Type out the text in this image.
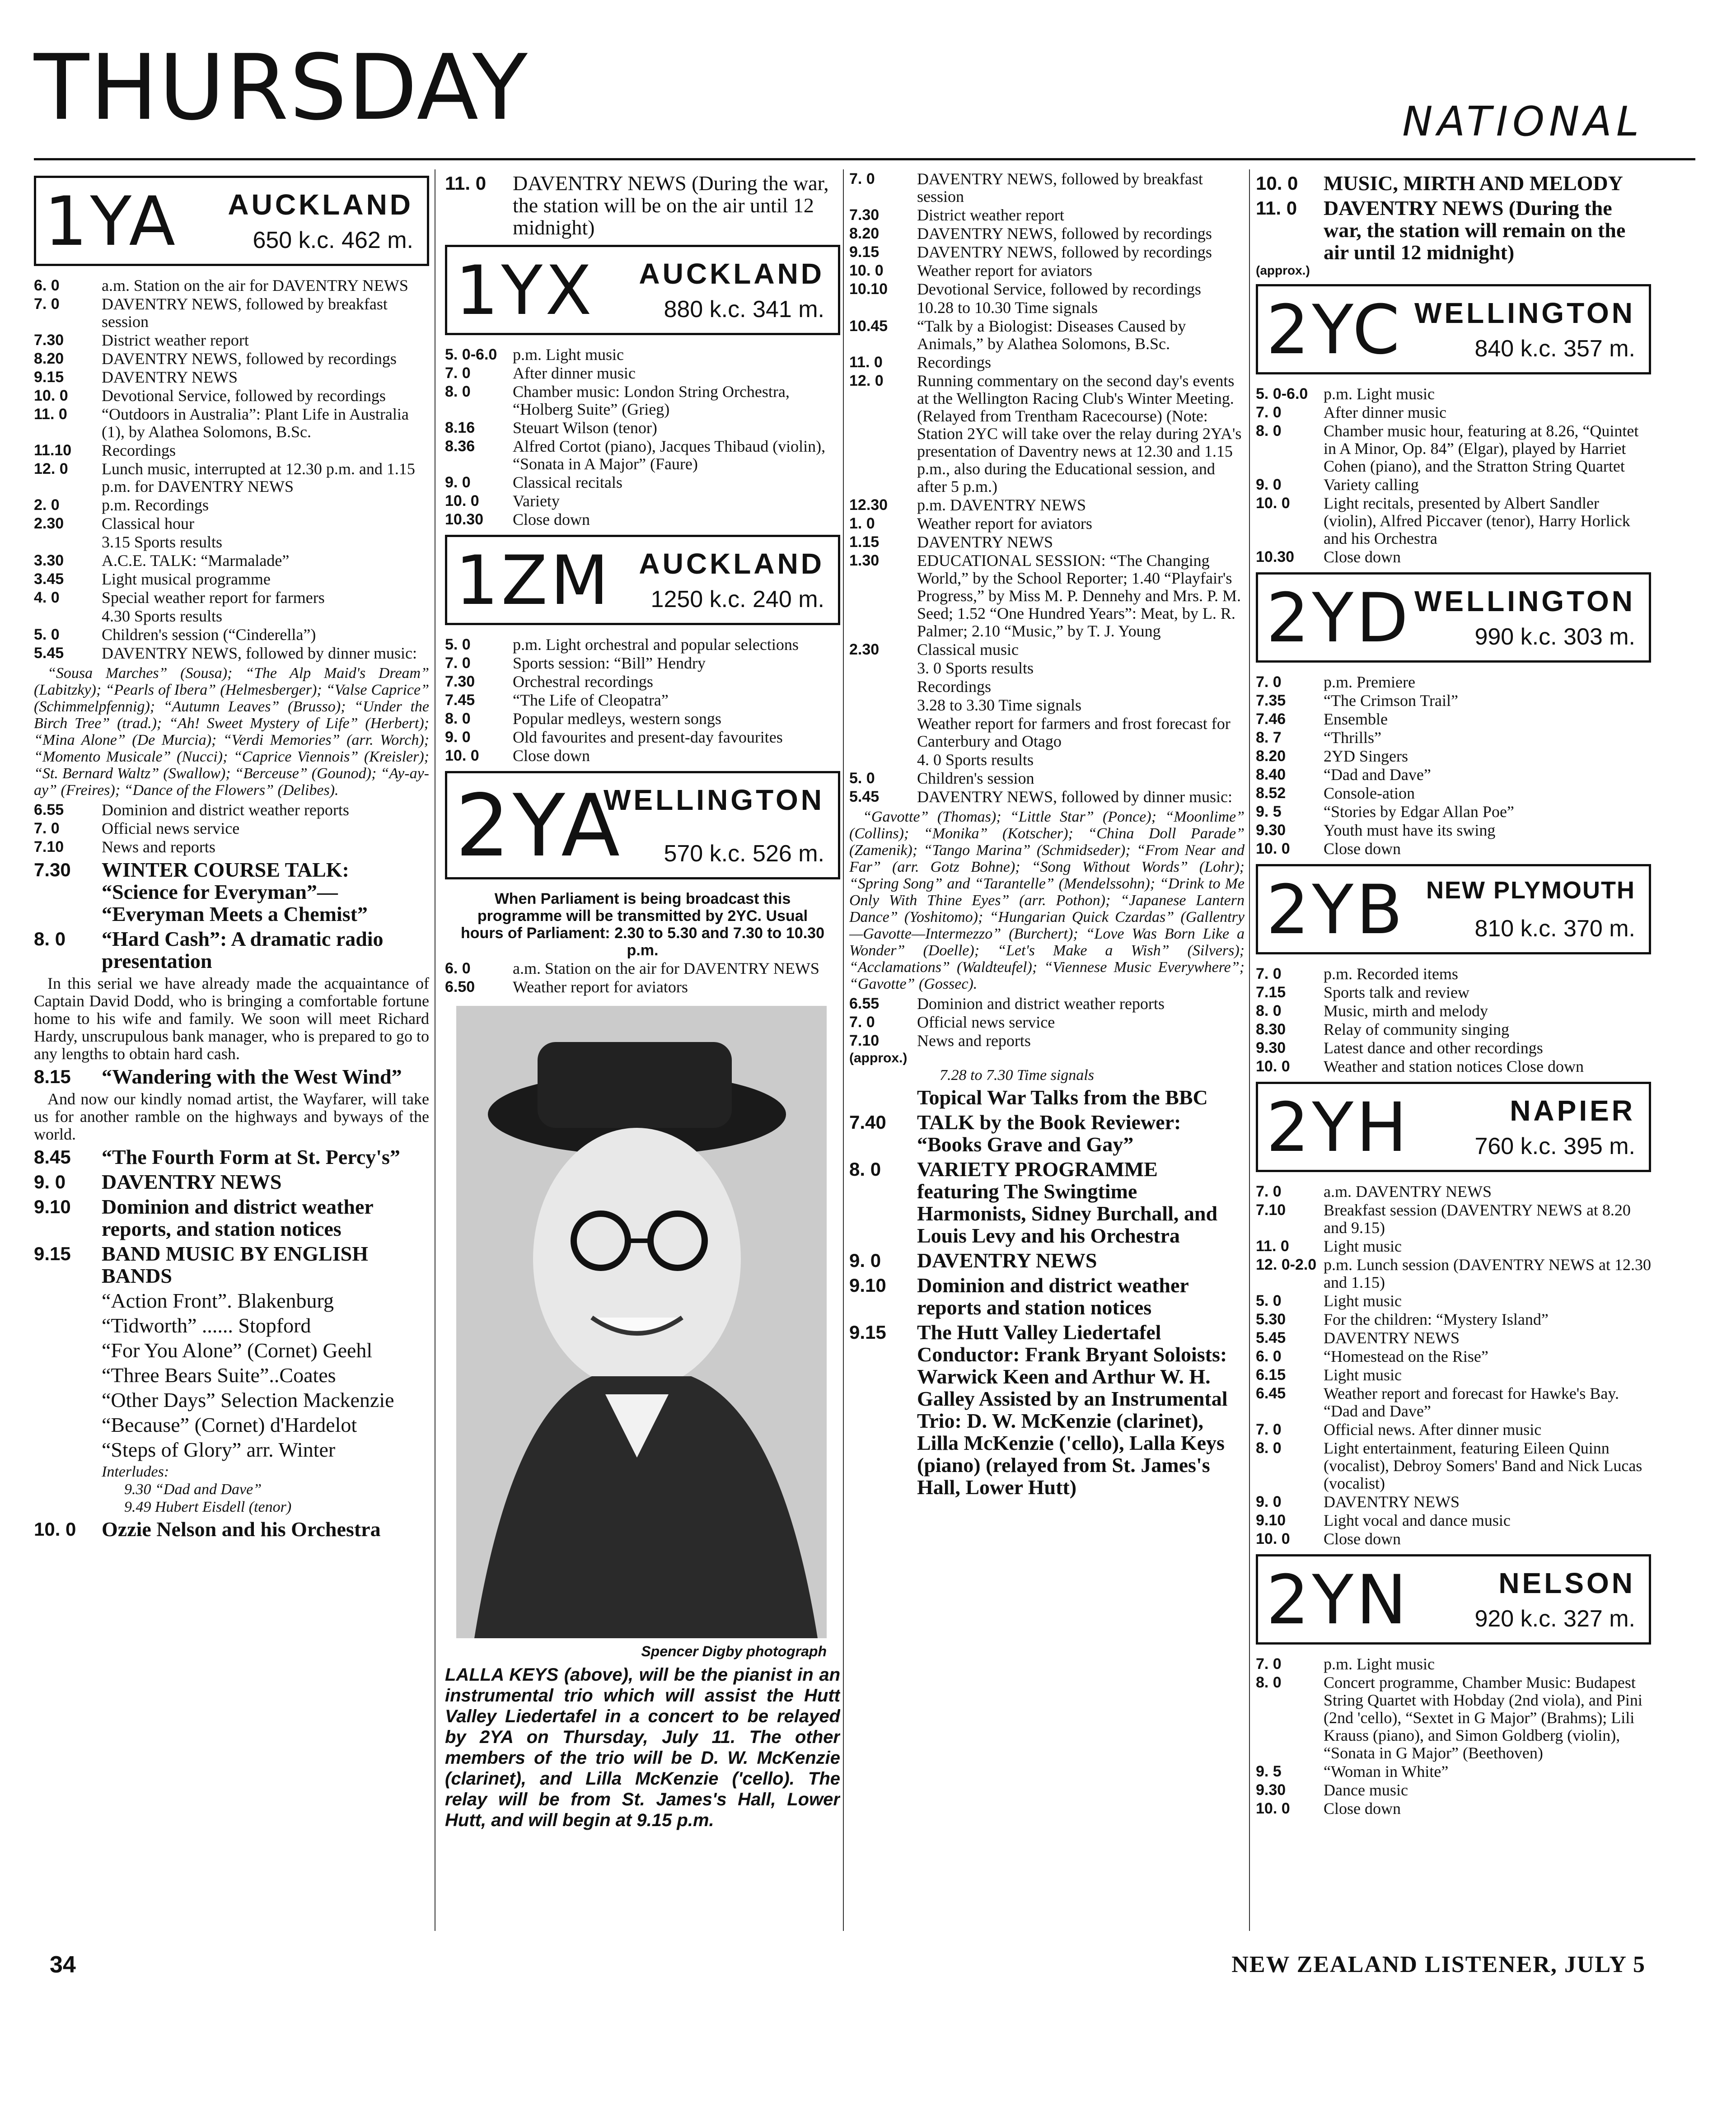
THURSDAY	NATIONAL
1YA AUCKLAND
650 k.c. 462 m.
6. 0	a.m. Station on the air for DAVENTRY NEWS
7. 0	DAVENTRY NEWS, followed by breakfast session
7.30	District weather report
8.20	DAVENTRY NEWS, followed by recordings
9.15	DAVENTRY NEWS
10. 0	Devotional Service, followed by recordings
11. 0	“Outdoors in Australia”: Plant Life in Australia (1), by Alathea Solomons, B.Sc.
11.10	Recordings
12. 0	Lunch music, interrupted at 12.30 p.m. and 1.15 p.m. for DAVENTRY NEWS
2. 0	p.m. Recordings
2.30	Classical hour
3.15 Sports results
3.30	A.C.E. TALK: “Marmalade”
3.45	Light musical programme
4. 0	Special weather report for farmers
4.30 Sports results
5. 0	Children's session (“Cinderella”)
5.45	DAVENTRY NEWS, followed by dinner music:
“Sousa Marches” (Sousa); “The Alp Maid's Dream” (Labitzky); “Pearls of Ibera” (Helmesberger); “Valse Caprice” (Schimmelpfennig); “Autumn Leaves” (Brusso); “Under the Birch Tree” (trad.); “Ah! Sweet Mystery of Life” (Herbert); “Mina Alone” (De Murcia); “Verdi Memories” (arr. Worch); “Momento Musicale” (Nucci); “Caprice Viennois” (Kreisler); “St. Bernard Waltz” (Swallow); “Berceuse” (Gounod); “Ay-ay-ay” (Freires); “Dance of the Flowers” (Delibes).
6.55	Dominion and district weather reports
7. 0	Official news service
7.10	News and reports
7.30	WINTER COURSE TALK: “Science for Everyman”— “Everyman Meets a Chemist”
8. 0	“Hard Cash”: A dramatic radio presentation
In this serial we have already made the acquaintance of Captain David Dodd, who is bringing a comfortable fortune home to his wife and family. We soon will meet Richard Hardy, unscrupulous bank manager, who is prepared to go to any lengths to obtain hard cash.
8.15	“Wandering with the West Wind”
And now our kindly nomad artist, the Wayfarer, will take us for another ramble on the highways and byways of the world.
8.45	“The Fourth Form at St. Percy's”
9. 0	DAVENTRY NEWS
9.10	Dominion and district weather reports, and station notices
9.15	BAND MUSIC BY ENGLISH BANDS
“Action Front”. Blakenburg
“Tidworth” ...... Stopford
“For You Alone” (Cornet) Geehl
“Three Bears Suite”..Coates
“Other Days” Selection Mackenzie
“Because” (Cornet) d'Hardelot
“Steps of Glory” arr. Winter
Interludes:
9.30 “Dad and Dave”
9.49 Hubert Eisdell (tenor)
10. 0	Ozzie Nelson and his Orchestra
11. 0	DAVENTRY NEWS (During the war, the station will be on the air until 12 midnight)
1YX AUCKLAND
880 k.c. 341 m.
5. 0-6.0 p.m. Light music
7. 0	After dinner music
8. 0	Chamber music: London String Orchestra, “Holberg Suite” (Grieg)
8.16	Steuart Wilson (tenor)
8.36	Alfred Cortot (piano), Jacques Thibaud (violin), “Sonata in A Major” (Faure)
9. 0	Classical recitals
10. 0	Variety
10.30	Close down
1ZM AUCKLAND
1250 k.c. 240 m.
5. 0	p.m. Light orchestral and popular selections
7. 0	Sports session: “Bill” Hendry
7.30	Orchestral recordings
7.45	“The Life of Cleopatra”
8. 0	Popular medleys, western songs
9. 0	Old favourites and present-day favourites
10. 0	Close down
2YA
WELLINGTON
570 k.c. 526 m.
When Parliament is being broadcast this programme will be transmitted by 2YC. Usual hours of Parliament: 2.30 to 5.30 and 7.30 to 10.30 p.m.
6. 0	a.m. Station on the air for DAVENTRY NEWS
6.50	Weather report for aviators
Spencer Digby photograph
LALLA KEYS (above), will be the pianist in an instrumental trio which will assist the Hutt Valley Liedertafel in a concert to be relayed by 2YA on Thursday, July 11. The other members of the trio will be D. W. McKenzie (clarinet), and Lilla McKenzie ('cello). The relay will be from St. James's Hall, Lower Hutt, and will begin at 9.15 p.m.
7. 0	DAVENTRY NEWS, followed by breakfast session
7.30	District weather report
8.20	DAVENTRY NEWS, followed by recordings
9.15	DAVENTRY NEWS, followed by recordings
10. 0	Weather report for aviators
10.10	Devotional Service, followed by recordings
10.28 to 10.30 Time signals
10.45	“Talk by a Biologist: Diseases Caused by Animals,” by Alathea Solomons, B.Sc.
11. 0	Recordings
12. 0	Running commentary on the second day's events at the Wellington Racing Club's Winter Meeting. (Relayed from Trentham Racecourse) (Note: Station 2YC will take over the relay during 2YA's presentation of Daventry news at 12.30 and 1.15 p.m., also during the Educational session, and after 5 p.m.)
12.30	p.m. DAVENTRY NEWS
1. 0	Weather report for aviators
1.15	DAVENTRY NEWS
1.30	EDUCATIONAL SESSION: “The Changing World,” by the School Reporter; 1.40 “Playfair's Progress,” by Miss M. P. Dennehy and Mrs. P. M. Seed; 1.52 “One Hundred Years”: Meat, by L. R. Palmer; 2.10 “Music,” by T. J. Young
2.30	Classical music
3. 0 Sports results
Recordings
3.28 to 3.30 Time signals
Weather report for farmers and frost forecast for Canterbury and Otago
4. 0 Sports results
5. 0	Children's session
5.45	DAVENTRY NEWS, followed by dinner music:
“Gavotte” (Thomas); “Little Star” (Ponce); “Moonlime” (Collins); “Monika” (Kotscher); “China Doll Parade” (Zamenik); “Tango Marina” (Schmidseder); “From Near and Far” (arr. Gotz Bohne); “Song Without Words” (Lohr); “Spring Song” and “Tarantelle” (Mendelssohn); “Drink to Me Only With Thine Eyes” (arr. Pothon); “Japanese Lantern Dance” (Yoshitomo); “Hungarian Quick Czardas” (Gallentry—Gavotte—Intermezzo” (Burchert); “Love Was Born Like a Wonder” (Doelle); “Let's Make a Wish” (Silvers); “Acclamations” (Waldteufel); “Viennese Music Everywhere”; “Gavotte” (Gossec).
6.55	Dominion and district weather reports
7. 0	Official news service
7.10	News and reports
(approx.)
7.28 to 7.30 Time signals
Topical War Talks from the BBC
7.40	TALK by the Book Reviewer: “Books Grave and Gay”
8. 0	VARIETY PROGRAMME featuring The Swingtime Harmonists, Sidney Burchall, and Louis Levy and his Orchestra
9. 0	DAVENTRY NEWS
9.10	Dominion and district weather reports and station notices
9.15	The Hutt Valley Liedertafel Conductor: Frank Bryant Soloists: Warwick Keen and Arthur W. H. Galley Assisted by an Instrumental Trio: D. W. McKenzie (clarinet), Lilla McKenzie ('cello), Lalla Keys (piano) (relayed from St. James's Hall, Lower Hutt)
10. 0	MUSIC, MIRTH AND MELODY
11. 0	DAVENTRY NEWS (During the war, the station will remain on the air until 12 midnight)
(approx.)
2YC WELLINGTON
840 k.c. 357 m.
5. 0-6.0 p.m. Light music
7. 0	After dinner music
8. 0	Chamber music hour, featuring at 8.26, “Quintet in A Minor, Op. 84” (Elgar), played by Harriet Cohen (piano), and the Stratton String Quartet
9. 0	Variety calling
10. 0	Light recitals, presented by Albert Sandler (violin), Alfred Piccaver (tenor), Harry Horlick and his Orchestra
10.30	Close down
2YD WELLINGTON
990 k.c. 303 m.
7. 0	p.m. Premiere
7.35	“The Crimson Trail”
7.46	Ensemble
8. 7	“Thrills”
8.20	2YD Singers
8.40	“Dad and Dave”
8.52	Console-ation
9. 5	“Stories by Edgar Allan Poe”
9.30	Youth must have its swing
10. 0	Close down
2YB NEW PLYMOUTH
810 k.c. 370 m.
7. 0	p.m. Recorded items
7.15	Sports talk and review
8. 0	Music, mirth and melody
8.30	Relay of community singing
9.30	Latest dance and other recordings
10. 0	Weather and station notices Close down
2YH	NAPIER
760 k.c. 395 m.
7. 0	a.m. DAVENTRY NEWS
7.10	Breakfast session (DAVENTRY NEWS at 8.20 and 9.15)
11. 0	Light music
12. 0-2.0 p.m. Lunch session (DAVENTRY NEWS at 12.30 and 1.15)
5. 0	Light music
5.30	For the children: “Mystery Island”
5.45	DAVENTRY NEWS
6. 0	“Homestead on the Rise”
6.15	Light music
6.45	Weather report and forecast for Hawke's Bay. “Dad and Dave”
7. 0	Official news. After dinner music
8. 0	Light entertainment, featuring Eileen Quinn (vocalist), Debroy Somers' Band and Nick Lucas (vocalist)
9. 0	DAVENTRY NEWS
9.10	Light vocal and dance music
10. 0	Close down
2YN	NELSON
920 k.c. 327 m.
7. 0	p.m. Light music
8. 0	Concert programme, Chamber Music: Budapest String Quartet with Hobday (2nd viola), and Pini (2nd 'cello), “Sextet in G Major” (Brahms); Lili Krauss (piano), and Simon Goldberg (violin), “Sonata in G Major” (Beethoven)
9. 5	“Woman in White”
9.30	Dance music
10. 0	Close down
34	NEW ZEALAND LISTENER, JULY 5
